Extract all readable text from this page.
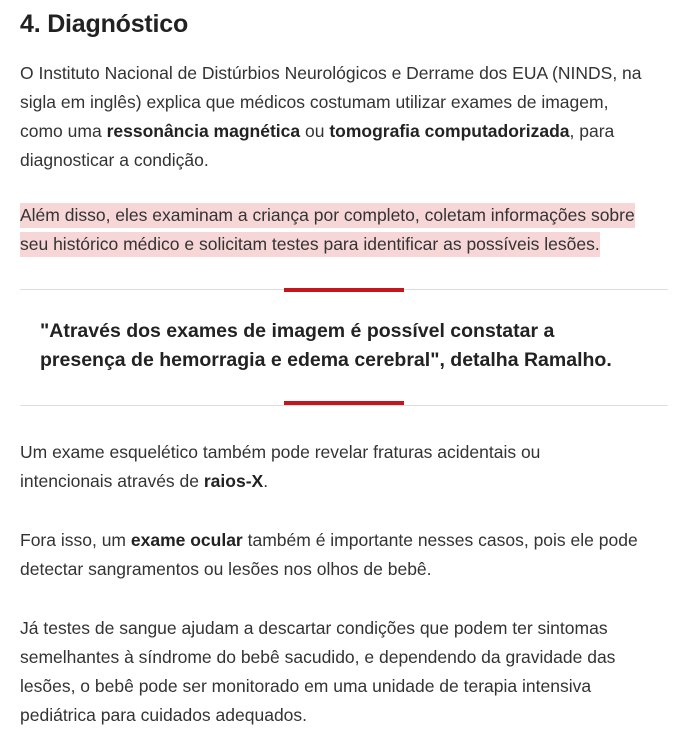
4. Diagnóstico

O Instituto Nacional de Distúrbios Neurológicos e Derrame dos EUA (NINDS, na
sigla em inglês) explica que médicos costumam utilizar exames de imagem,
como uma ressonância magnética ou tomografia computadorizada, para
diagnosticar a condição.

Além disso, eles examinam a criança por completo, coletam informações sobre
seu histórico médico e solicitam testes para identificar as possíveis lesões.

"Através dos exames de imagem é possível constatar a
presença de hemorragia e edema cerebral", detalha Ramalho.

Um exame esquelético também pode revelar fraturas acidentais ou
intencionais através de raios-X.

Fora isso, um exame ocular também é importante nesses casos, pois ele pode
detectar sangramentos ou lesões nos olhos de bebê.

Já testes de sangue ajudam a descartar condições que podem ter sintomas
semelhantes à síndrome do bebê sacudido, e dependendo da gravidade das
lesões, o bebê pode ser monitorado em uma unidade de terapia intensiva
pediátrica para cuidados adequados.
